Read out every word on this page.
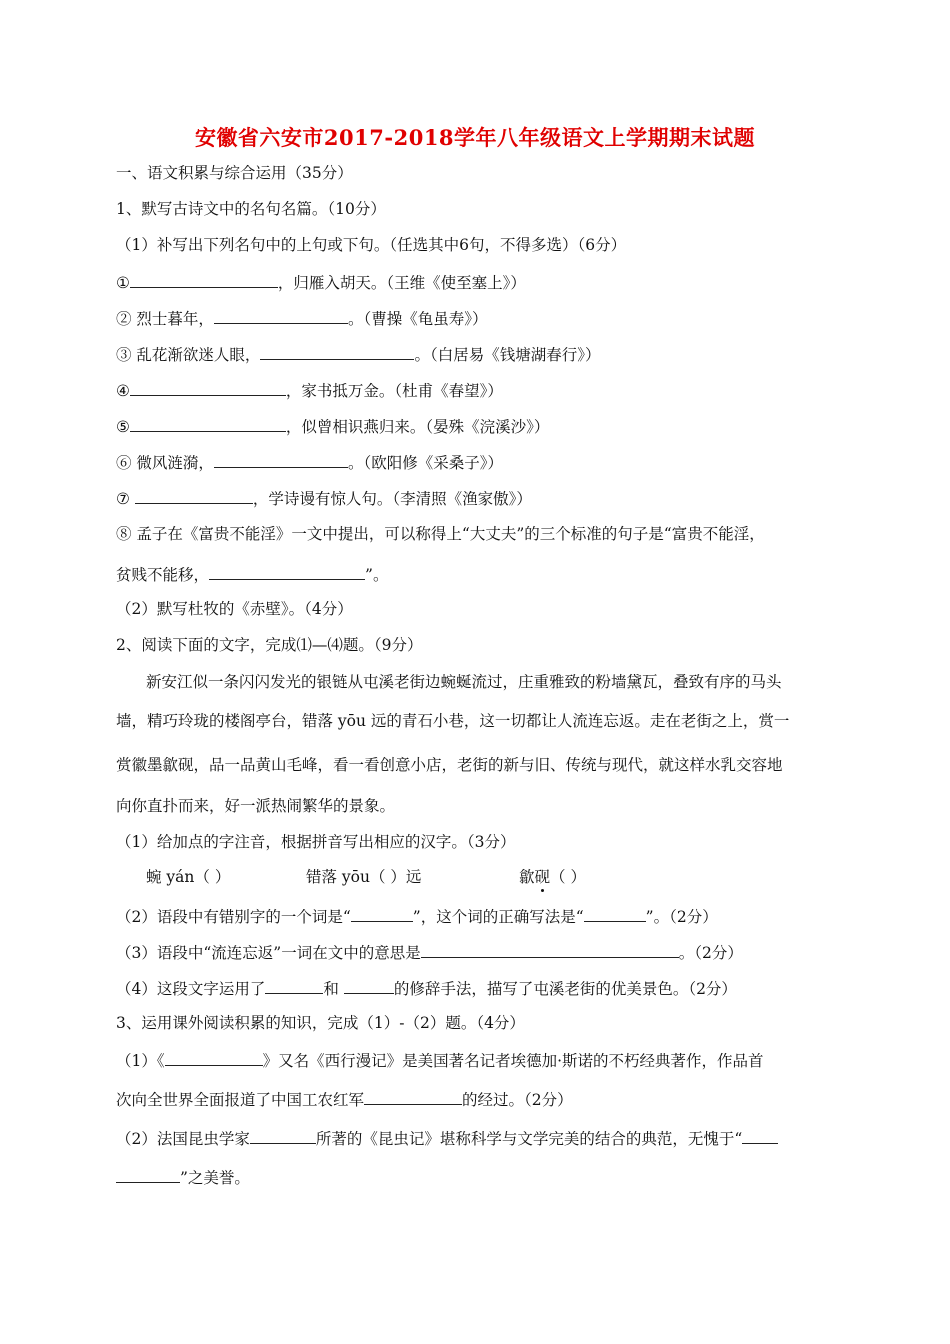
安徽省六安市2017-2018学年八年级语文上学期期末试题
一、语文积累与综合运用（35分）
1、默写古诗文中的名句名篇。（10分）
（1）补写出下列名句中的上句或下句。（任选其中6句，不得多选）（6分）
①	，归雁入胡天。（王维《使至塞上》）
② 烈士暮年，	。（曹操《龟虽寿》）
③ 乱花渐欲迷人眼，	。（白居易《钱塘湖春行》）
④	，家书抵万金。（杜甫《春望》）
⑤	，似曾相识燕归来。（晏殊《浣溪沙》）
⑥ 微风涟漪，	。（欧阳修《采桑子》）
⑦	，学诗谩有惊人句。（李清照《渔家傲》）
⑧ 孟子在《富贵不能淫》一文中提出，可以称得上“大丈夫”的三个标准的句子是“富贵不能淫，
贫贱不能移，	”。
（2）默写杜牧的《赤壁》。（4分）
2、阅读下面的文字，完成⑴—⑷题。（9分）
新安江似一条闪闪发光的银链从屯溪老街边蜿蜒流过，庄重雅致的粉墙黛瓦，叠致有序的马头
墙，精巧玲珑的楼阁亭台，错落 yōu 远的青石小巷，这一切都让人流连忘返。走在老街之上，赏一
赏徽墨歙砚，品一品黄山毛峰，看一看创意小店，老街的新与旧、传统与现代，就这样水乳交容地
向你直扑而来，好一派热闹繁华的景象。
（1）给加点的字注音，根据拼音写出相应的汉字。（3分）
蜿 yán（ ）	错落 yōu（ ）远	歙砚（ ）
（2）语段中有错别字的一个词是“	”，这个词的正确写法是“	”。（2分）
（3）语段中“流连忘返”一词在文中的意思是	。（2分）
（4）这段文字运用了	和	的修辞手法，描写了屯溪老街的优美景色。（2分）
3、运用课外阅读积累的知识，完成（1）-（2）题。（4分）
（1）《	》又名《西行漫记》是美国著名记者埃德加·斯诺的不朽经典著作，作品首
次向全世界全面报道了中国工农红军	的经过。（2分）
（2）法国昆虫学家	所著的《昆虫记》堪称科学与文学完美的结合的典范，无愧于“
”之美誉。
